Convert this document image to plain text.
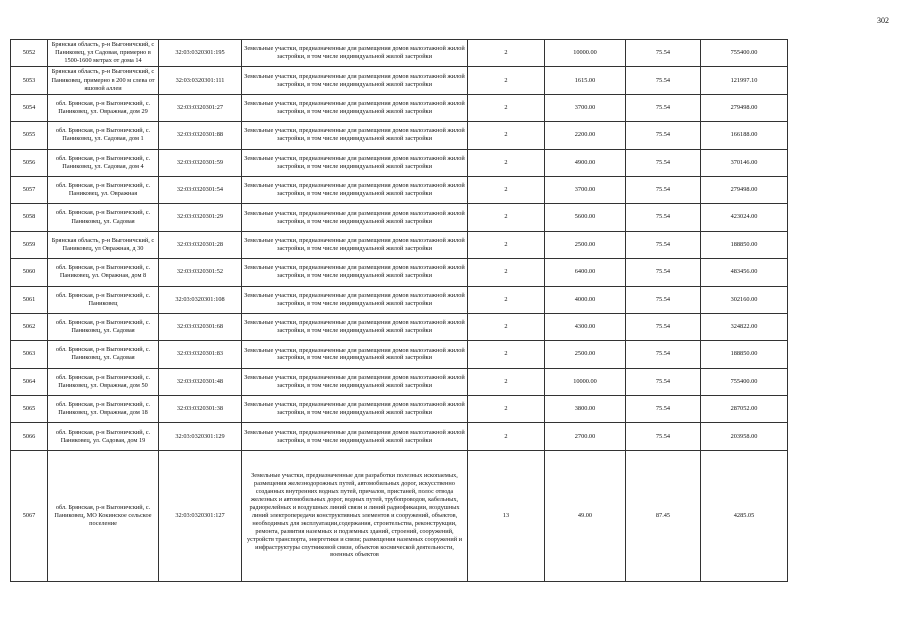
302
5052	Брянская область, р-н Выгоничский, с Паниковец, ул Садовая, примерно в 1500-1600 метрах от дома 14	32:03:0320301:195	Земельные участки, предназначенные для размещения домов малоэтажной жилой застройки, в том числе индивидуальной жилой застройки	2	10000.00	75.54	755400.00
5053	Брянская область, р-н Выгоничский, с Паниковец, примерно в 200 м слева от яшовой аллеи	32:03:0320301:111	Земельные участки, предназначенные для размещения домов малоэтажной жилой застройки, в том числе индивидуальной жилой застройки	2	1615.00	75.54	121997.10
5054	обл. Брянская, р-н Выгоничский, с. Паниковец, ул. Овражная, дом 29	32:03:0320301:27	Земельные участки, предназначенные для размещения домов малоэтажной жилой застройки, в том числе индивидуальной жилой застройки	2	3700.00	75.54	279498.00
5055	обл. Брянская, р-н Выгоничский, с. Паниковец, ул. Садовая, дом 1	32:03:0320301:88	Земельные участки, предназначенные для размещения домов малоэтажной жилой застройки, в том числе индивидуальной жилой застройки	2	2200.00	75.54	166188.00
5056	обл. Брянская, р-н Выгоничский, с. Паниковец, ул. Садовая, дом 4	32:03:0320301:59	Земельные участки, предназначенные для размещения домов малоэтажной жилой застройки, в том числе индивидуальной жилой застройки	2	4900.00	75.54	370146.00
5057	обл. Брянская, р-н Выгоничский, с. Паниковец, ул. Овражная	32:03:0320301:54	Земельные участки, предназначенные для размещения домов малоэтажной жилой застройки, в том числе индивидуальной жилой застройки	2	3700.00	75.54	279498.00
5058	обл. Брянская, р-н Выгоничский, с. Паниковец, ул. Садовая	32:03:0320301:29	Земельные участки, предназначенные для размещения домов малоэтажной жилой застройки, в том числе индивидуальной жилой застройки	2	5600.00	75.54	423024.00
5059	Брянская область, р-н Выгоничский, с Паниковец, ул Овражная, д 30	32:03:0320301:28	Земельные участки, предназначенные для размещения домов малоэтажной жилой застройки, в том числе индивидуальной жилой застройки	2	2500.00	75.54	188850.00
5060	обл. Брянская, р-н Выгоничский, с. Паниковец, ул. Овражная, дом 8	32:03:0320301:52	Земельные участки, предназначенные для размещения домов малоэтажной жилой застройки, в том числе индивидуальной жилой застройки	2	6400.00	75.54	483456.00
5061	обл. Брянская, р-н Выгоничский, с. Паниковец	32:03:0320301:108	Земельные участки, предназначенные для размещения домов малоэтажной жилой застройки, в том числе индивидуальной жилой застройки	2	4000.00	75.54	302160.00
5062	обл. Брянская, р-н Выгоничский, с. Паниковец, ул. Садовая	32:03:0320301:68	Земельные участки, предназначенные для размещения домов малоэтажной жилой застройки, в том числе индивидуальной жилой застройки	2	4300.00	75.54	324822.00
5063	обл. Брянская, р-н Выгоничский, с. Паниковец, ул. Садовая	32:03:0320301:83	Земельные участки, предназначенные для размещения домов малоэтажной жилой застройки, в том числе индивидуальной жилой застройки	2	2500.00	75.54	188850.00
5064	обл. Брянская, р-н Выгоничский, с. Паниковец, ул. Овражная, дом 50	32:03:0320301:48	Земельные участки, предназначенные для размещения домов малоэтажной жилой застройки, в том числе индивидуальной жилой застройки	2	10000.00	75.54	755400.00
5065	обл. Брянская, р-н Выгоничский, с. Паниковец, ул. Овражная, дом 18	32:03:0320301:38	Земельные участки, предназначенные для размещения домов малоэтажной жилой застройки, в том числе индивидуальной жилой застройки	2	3800.00	75.54	287052.00
5066	обл. Брянская, р-н Выгоничский, с. Паниковец, ул. Садовая, дом 19	32:03:0320301:129	Земельные участки, предназначенные для размещения домов малоэтажной жилой застройки, в том числе индивидуальной жилой застройки	2	2700.00	75.54	203958.00
5067	обл. Брянская, р-н Выгоничский, с. Паниковец, МО Кокинское сельское поселение	32:03:0320301:127	Земельные участки, предназначенные для разработки полезных ископаемых, размещения железнодорожных путей, автомобильных дорог, искусственно созданных внутренних водных путей, причалов, пристаней, полос отвода железных и автомобильных дорог, водных путей, трубопроводов, кабельных, радиорелейных и воздушных линий связи и линий радиофикации, воздушных линий электропередачи конструктивных элементов и сооружений, объектов, необходимых для эксплуатации,содержания, строительства, реконструкции, ремонта, развития наземных и подземных зданий, строений, сооружений, устройств транспорта, энергетики и связи; размещения наземных сооружений и инфраструктуры спутниковой связи, объектов космической деятельности, военных объектов	13	49.00	87.45	4285.05
